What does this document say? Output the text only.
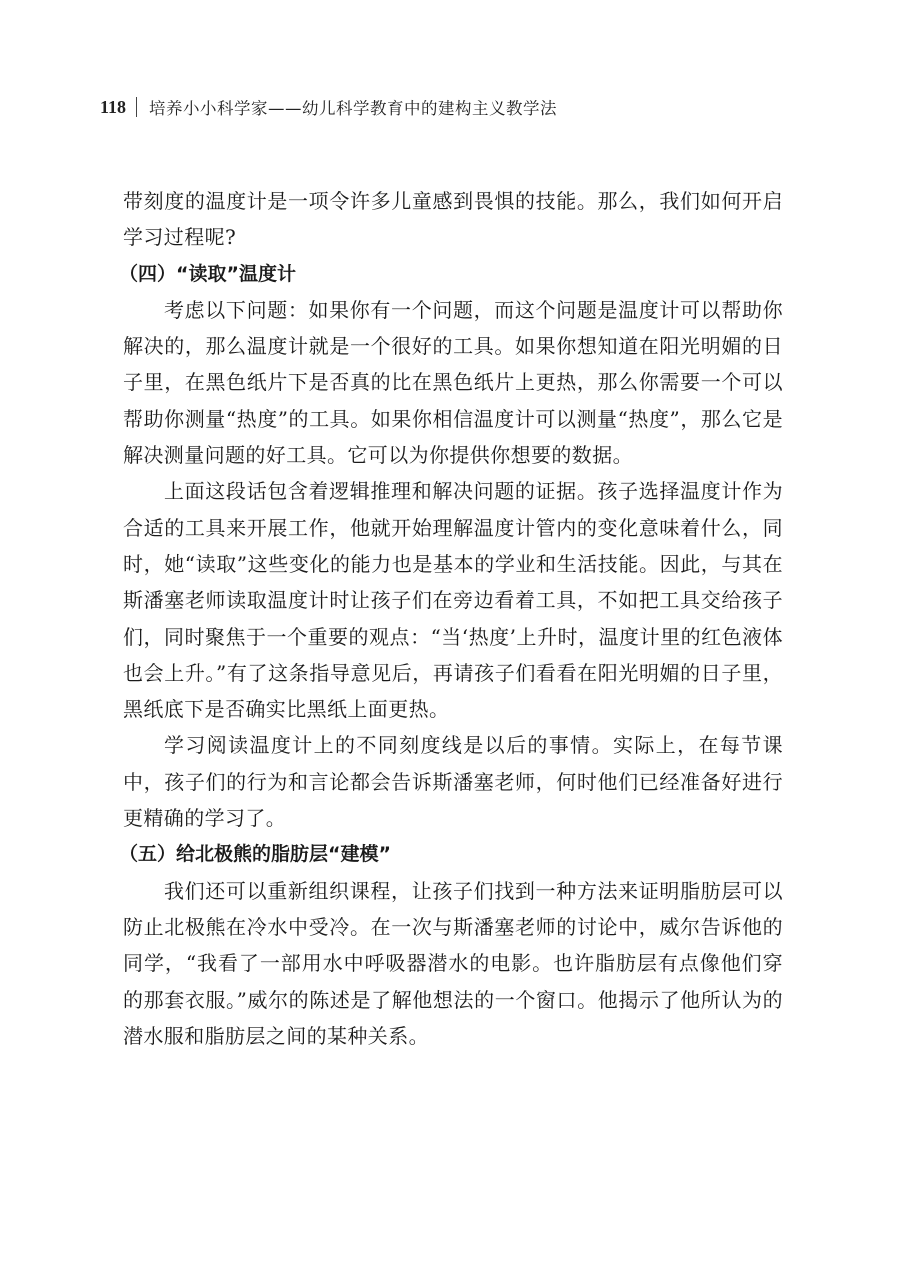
118	培养小小科学家——幼儿科学教育中的建构主义教学法

带刻度的温度计是一项令许多儿童感到畏惧的技能。那么，我们如何开启学习过程呢?

（四）“读取”温度计

考虑以下问题：如果你有一个问题，而这个问题是温度计可以帮助你解决的，那么温度计就是一个很好的工具。如果你想知道在阳光明媚的日子里，在黑色纸片下是否真的比在黑色纸片上更热，那么你需要一个可以帮助你测量“热度”的工具。如果你相信温度计可以测量“热度”，那么它是解决测量问题的好工具。它可以为你提供你想要的数据。

上面这段话包含着逻辑推理和解决问题的证据。孩子选择温度计作为合适的工具来开展工作，他就开始理解温度计管内的变化意味着什么，同时，她“读取”这些变化的能力也是基本的学业和生活技能。因此，与其在斯潘塞老师读取温度计时让孩子们在旁边看着工具，不如把工具交给孩子们，同时聚焦于一个重要的观点：“当‘热度’上升时，温度计里的红色液体也会上升。”有了这条指导意见后，再请孩子们看看在阳光明媚的日子里，黑纸底下是否确实比黑纸上面更热。

学习阅读温度计上的不同刻度线是以后的事情。实际上，在每节课中，孩子们的行为和言论都会告诉斯潘塞老师，何时他们已经准备好进行更精确的学习了。

（五）给北极熊的脂肪层“建模”

我们还可以重新组织课程，让孩子们找到一种方法来证明脂肪层可以防止北极熊在冷水中受冷。在一次与斯潘塞老师的讨论中，威尔告诉他的同学，“我看了一部用水中呼吸器潜水的电影。也许脂肪层有点像他们穿的那套衣服。”威尔的陈述是了解他想法的一个窗口。他揭示了他所认为的潜水服和脂肪层之间的某种关系。
